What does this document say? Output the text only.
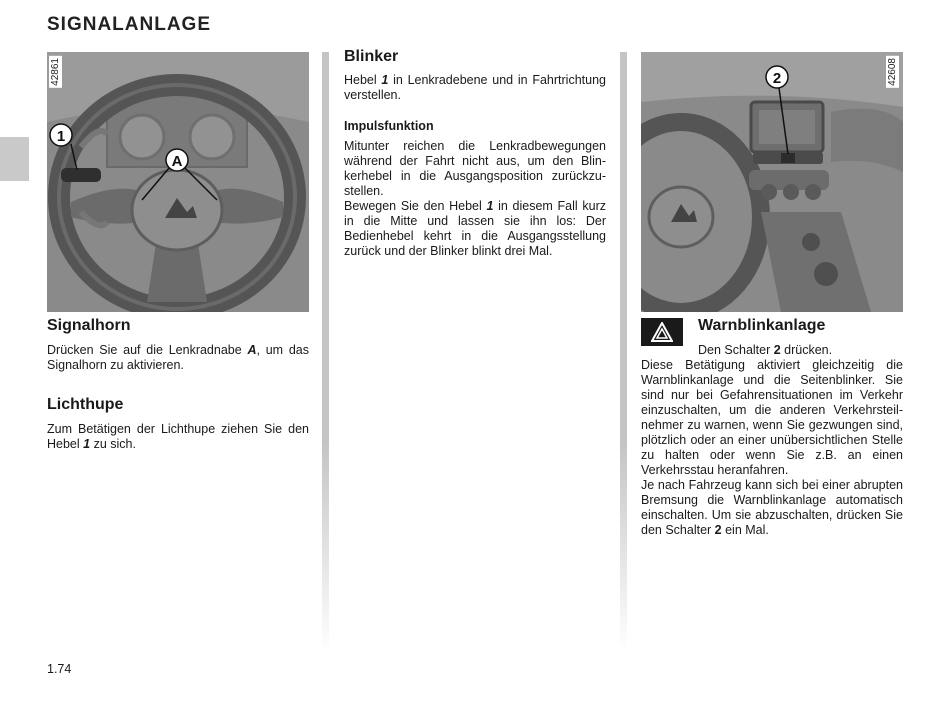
SIGNALANLAGE
1
A
42861	2	42608
Signalhorn
Drücken Sie auf die Lenkradnabe A, um das Signalhorn zu aktivieren.
Lichthupe
Zum Betätigen der Lichthupe ziehen Sie den Hebel 1 zu sich.
Blinker
Hebel 1 in Lenkradebene und in Fahrtrichtung verstellen.
Impulsfunktion

Mitunter reichen die Lenkradbewegungen während der Fahrt nicht aus, um den Blinkerhebel in die Ausgangsposition zurückzustellen.

Bewegen Sie den Hebel 1 in diesem Fall kurz in die Mitte und lassen sie ihn los: Der Bedienhebel kehrt in die Ausgangsstellung zurück und der Blinker blinkt drei Mal.

Warnblinkanlage
Den Schalter 2 drücken.

Diese Betätigung aktiviert gleichzeitig die Warnblinkanlage und die Seitenblinker. Sie sind nur bei Gefahrensituationen im Verkehr einzuschalten, um die anderen Verkehrsteilnehmer zu warnen, wenn Sie gezwungen sind, plötzlich oder an einer unübersichtlichen Stelle zu halten oder wenn Sie z.B. an einen Verkehrsstau heranfahren.

Je nach Fahrzeug kann sich bei einer abrupten Bremsung die Warnblinkanlage automatisch einschalten. Um sie abzuschalten, drücken Sie den Schalter 2 ein Mal.

1.74
